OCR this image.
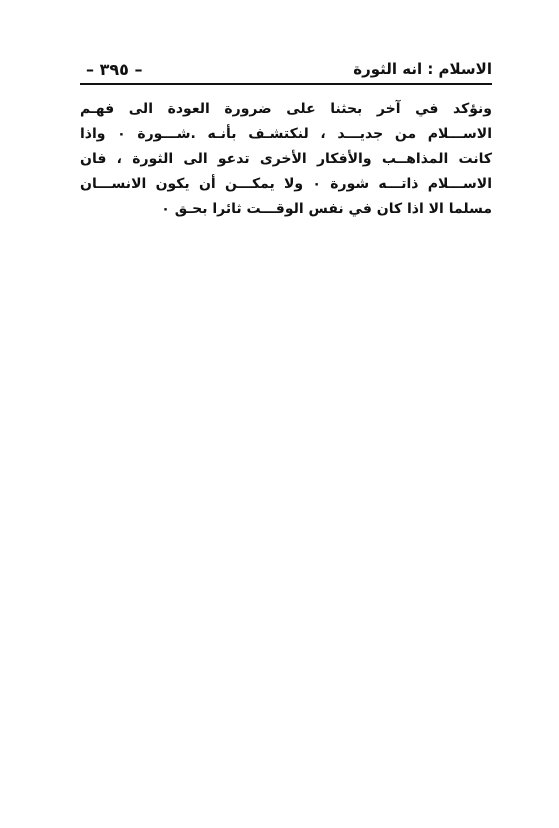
الاسلام : انه الثورة
– ٣٩٥ –
ونؤكد في آخر بحثنا على ضرورة العودة الى فهـم
الاســـلام من جديـــد ، لنكتشـف بأنـه .شـــورة ٠ واذا
كانت المذاهــب والأفكار الأخرى تدعو الى الثورة ، فان
الاســـلام ذاتـــه شورة ٠ ولا يمكـــن أن يكون الانســـان
مسلما الا اذا كان في نفس الوقـــت ثائرا بحـق ٠
